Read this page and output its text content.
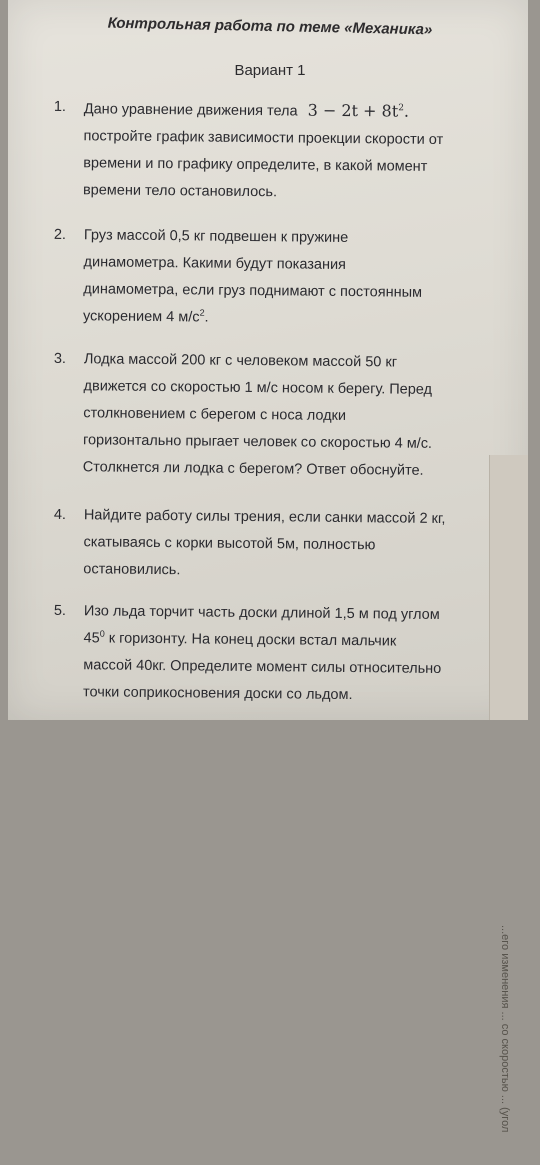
...его изменения ... со скоростью ... (угол
Контрольная работа по теме «Механика»
Вариант 1
1. Дано уравнение движения тела $3 - 2t + 8t^2$.
постройте график зависимости проекции скорости от
времени и по графику определите, в какой момент
времени тело остановилось.
2. Груз массой 0,5 кг подвешен к пружине
динамометра. Какими будут показания
динамометра, если груз поднимают с постоянным
ускорением 4 $м/с^2$.
3. Лодка массой 200 кг с человеком массой 50 кг
движется со скоростью 1 м/с носом к берегу. Перед
столкновением с берегом с носа лодки
горизонтально прыгает человек со скоростью 4 м/с.
Столкнется ли лодка с берегом? Ответ обоснуйте.
4. Найдите работу силы трения, если санки массой 2 кг,
скатываясь с корки высотой 5м, полностью
остановились.
5. Изо льда торчит часть доски длиной 1,5 м под углом
$45^0$ к горизонту. На конец доски встал мальчик
массой 40кг. Определите момент силы относительно
точки соприкосновения доски со льдом.
